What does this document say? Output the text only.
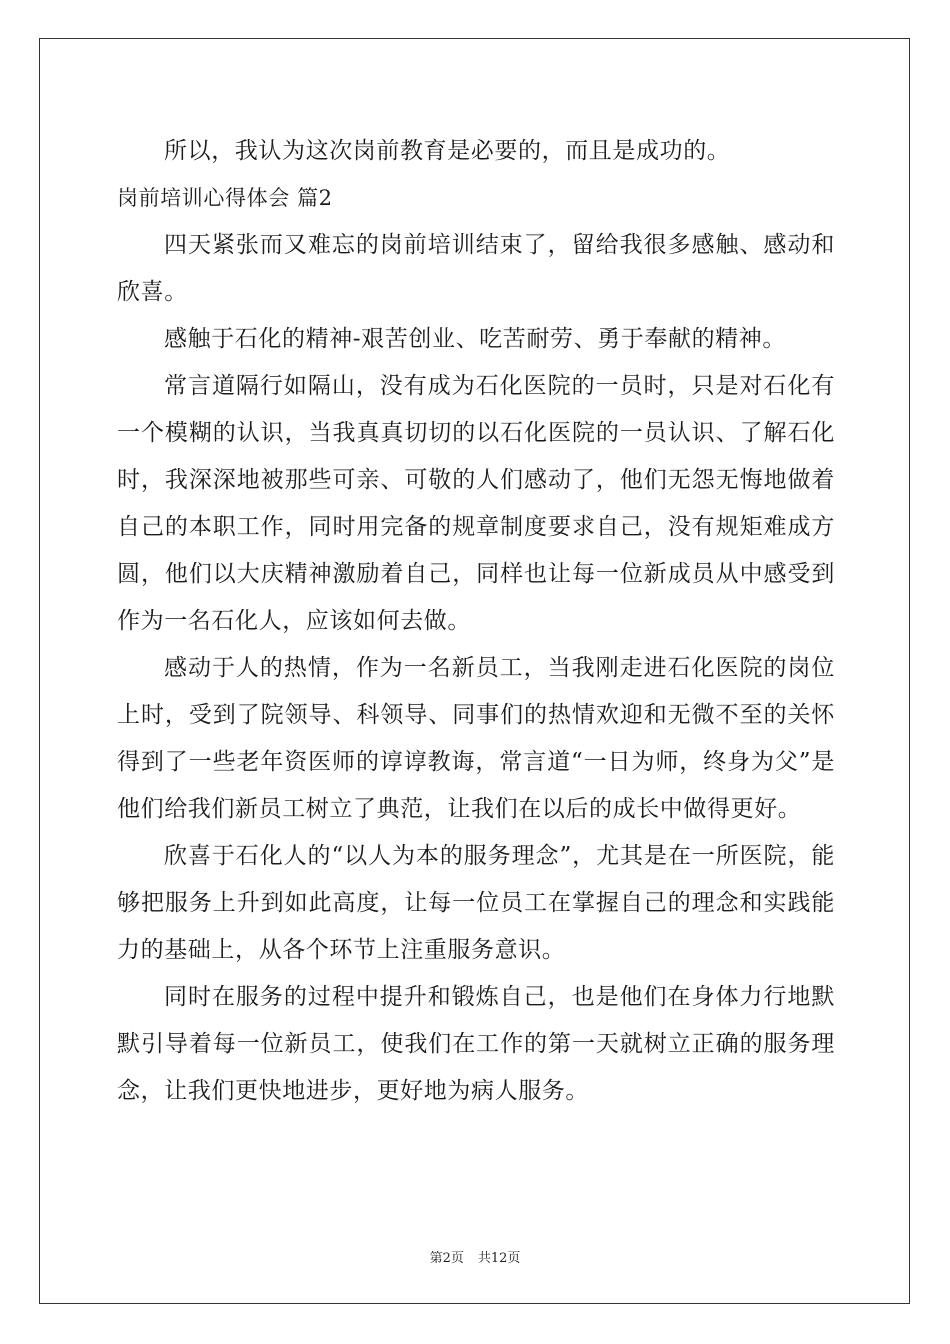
所以，我认为这次岗前教育是必要的，而且是成功的。

岗前培训心得体会 篇2

四天紧张而又难忘的岗前培训结束了，留给我很多感触、感动和欣喜。

感触于石化的精神-艰苦创业、吃苦耐劳、勇于奉献的精神。

常言道隔行如隔山，没有成为石化医院的一员时，只是对石化有一个模糊的认识，当我真真切切的以石化医院的一员认识、了解石化时，我深深地被那些可亲、可敬的人们感动了，他们无怨无悔地做着自己的本职工作，同时用完备的规章制度要求自己，没有规矩难成方圆，他们以大庆精神激励着自己，同样也让每一位新成员从中感受到作为一名石化人，应该如何去做。

感动于人的热情，作为一名新员工，当我刚走进石化医院的岗位上时，受到了院领导、科领导、同事们的热情欢迎和无微不至的关怀得到了一些老年资医师的谆谆教诲，常言道“一日为师，终身为父”是他们给我们新员工树立了典范，让我们在以后的成长中做得更好。

欣喜于石化人的“以人为本的服务理念”，尤其是在一所医院，能够把服务上升到如此高度，让每一位员工在掌握自己的理念和实践能力的基础上，从各个环节上注重服务意识。

同时在服务的过程中提升和锻炼自己，也是他们在身体力行地默默引导着每一位新员工，使我们在工作的第一天就树立正确的服务理念，让我们更快地进步，更好地为病人服务。

第2页 共12页
